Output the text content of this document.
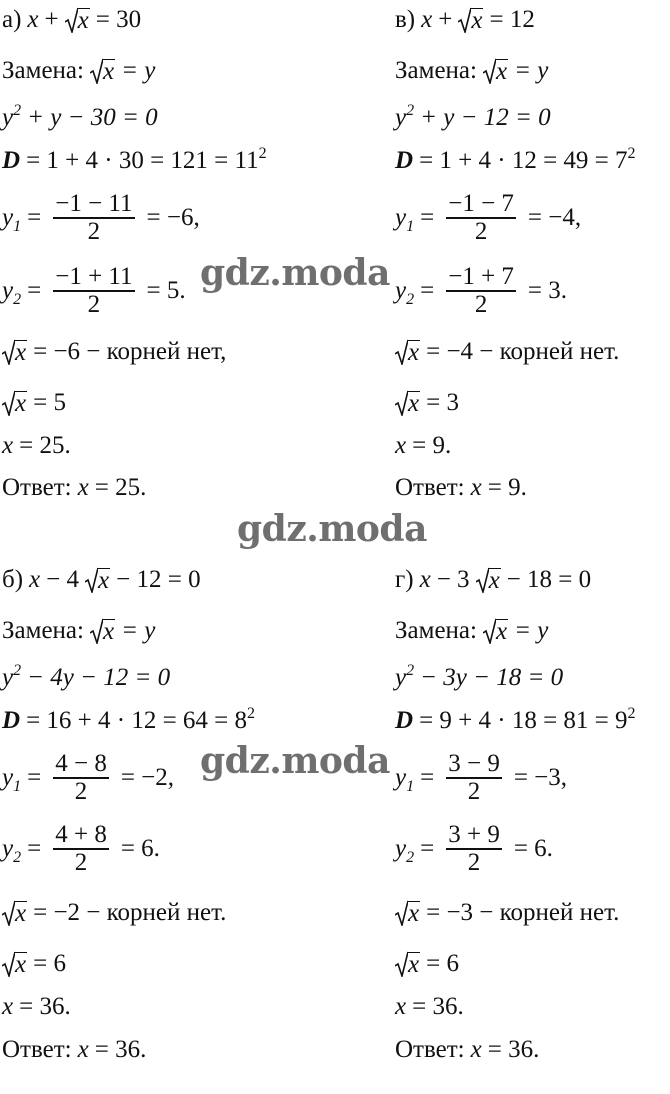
а) x + x = 30
Замена: x = y
$y^2 + y - 30 = 0$
$D = 1 + 4 \cdot 30 = 121 = 11^2$
$y_1 = \frac{-1 - 11}{2} = -6$,
$y_2 = \frac{-1 + 11}{2} = 5$.
x = −6 − корней нет,
x = 5
x = 25.
Ответ: x = 25.
в) x + x = 12
Замена: x = y
$y^2 + y - 12 = 0$
$D = 1 + 4 \cdot 12 = 49 = 7^2$
$y_1 = \frac{-1 - 7}{2} = -4$,
$y_2 = \frac{-1 + 7}{2} = 3$.
x = −4 − корней нет.
x = 3
x = 9.
Ответ: x = 9.
б) x − 4 x − 12 = 0
Замена: x = y
$y^2 - 4y - 12 = 0$
$D = 16 + 4 \cdot 12 = 64 = 8^2$
$y_1 = \frac{4 - 8}{2} = -2$,
$y_2 = \frac{4 + 8}{2} = 6$.
x = −2 − корней нет.
x = 6
x = 36.
Ответ: x = 36.
г) x − 3 x − 18 = 0
Замена: x = y
$y^2 - 3y - 18 = 0$
$D = 9 + 4 \cdot 18 = 81 = 9^2$
$y_1 = \frac{3 - 9}{2} = -3$,
$y_2 = \frac{3 + 9}{2} = 6$.
x = −3 − корней нет.
x = 6
x = 36.
Ответ: x = 36.
gdz.moda
gdz.moda
gdz.moda
